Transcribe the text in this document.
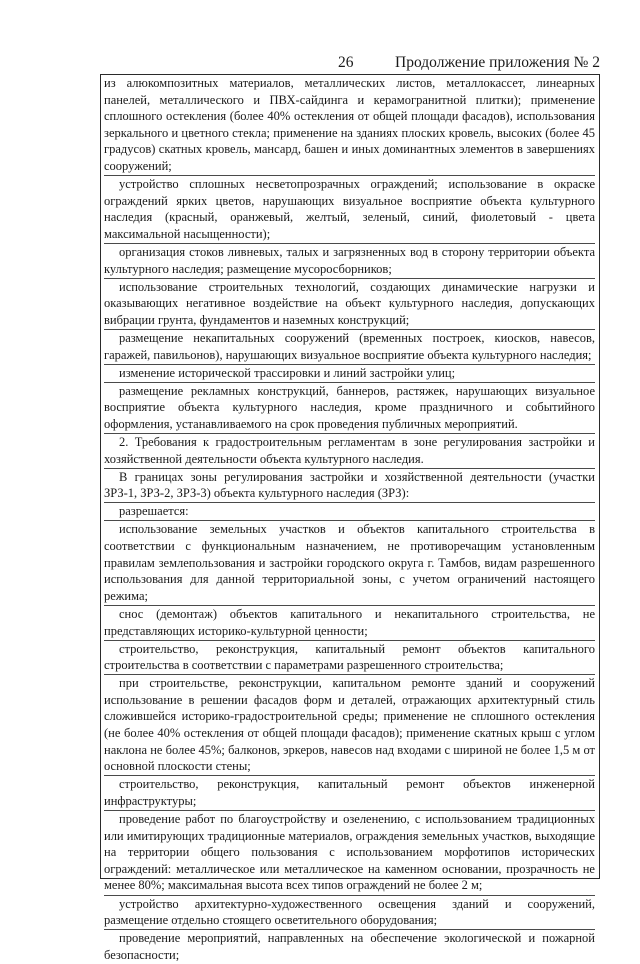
26	Продолжение приложения № 2

из алюкомпозитных материалов, металлических листов, металлокассет, линеарных панелей, металлического и ПВХ-сайдинга и керамогранитной плитки); применение сплошного остекления (более 40% остекления от общей площади фасадов), использования зеркального и цветного стекла; применение на зданиях плоских кровель, высоких (более 45 градусов) скатных кровель, мансард, башен и иных доминантных элементов в завершениях сооружений;

устройство сплошных несветопрозрачных ограждений; использование в окраске ограждений ярких цветов, нарушающих визуальное восприятие объекта культурного наследия (красный, оранжевый, желтый, зеленый, синий, фиолетовый - цвета максимальной насыщенности);

организация стоков ливневых, талых и загрязненных вод в сторону территории объекта культурного наследия; размещение мусоросборников;

использование строительных технологий, создающих динамические нагрузки и оказывающих негативное воздействие на объект культурного наследия, допускающих вибрации грунта, фундаментов и наземных конструкций;

размещение некапитальных сооружений (временных построек, киосков, навесов, гаражей, павильонов), нарушающих визуальное восприятие объекта культурного наследия;

изменение исторической трассировки и линий застройки улиц;

размещение рекламных конструкций, баннеров, растяжек, нарушающих визуальное восприятие объекта культурного наследия, кроме праздничного и событийного оформления, устанавливаемого на срок проведения публичных мероприятий.

2. Требования к градостроительным регламентам в зоне регулирования застройки и хозяйственной деятельности объекта культурного наследия.

В границах зоны регулирования застройки и хозяйственной деятельности (участки ЗРЗ-1, ЗРЗ-2, ЗРЗ-3) объекта культурного наследия (ЗРЗ):

разрешается:

использование земельных участков и объектов капитального строительства в соответствии с функциональным назначением, не противоречащим установленным правилам землепользования и застройки городского округа г. Тамбов, видам разрешенного использования для данной территориальной зоны, с учетом ограничений настоящего режима;

снос (демонтаж) объектов капитального и некапитального строительства, не представляющих историко-культурной ценности;

строительство, реконструкция, капитальный ремонт объектов капитального строительства в соответствии с параметрами разрешенного строительства;

при строительстве, реконструкции, капитальном ремонте зданий и сооружений использование в решении фасадов форм и деталей, отражающих архитектурный стиль сложившейся историко-градостроительной среды; применение не сплошного остекления (не более 40% остекления от общей площади фасадов); применение скатных крыш с углом наклона не более 45%; балконов, эркеров, навесов над входами с шириной не более 1,5 м от основной плоскости стены;

строительство, реконструкция, капитальный ремонт объектов инженерной инфраструктуры;

проведение работ по благоустройству и озеленению, с использованием традиционных или имитирующих традиционные материалов, ограждения земельных участков, выходящие на территории общего пользования с использованием морфотипов исторических ограждений: металлическое или металлическое на каменном основании, прозрачность не менее 80%; максимальная высота всех типов ограждений не более 2 м;

устройство архитектурно-художественного освещения зданий и сооружений, размещение отдельно стоящего осветительного оборудования;

проведение мероприятий, направленных на обеспечение экологической и пожарной безопасности;
